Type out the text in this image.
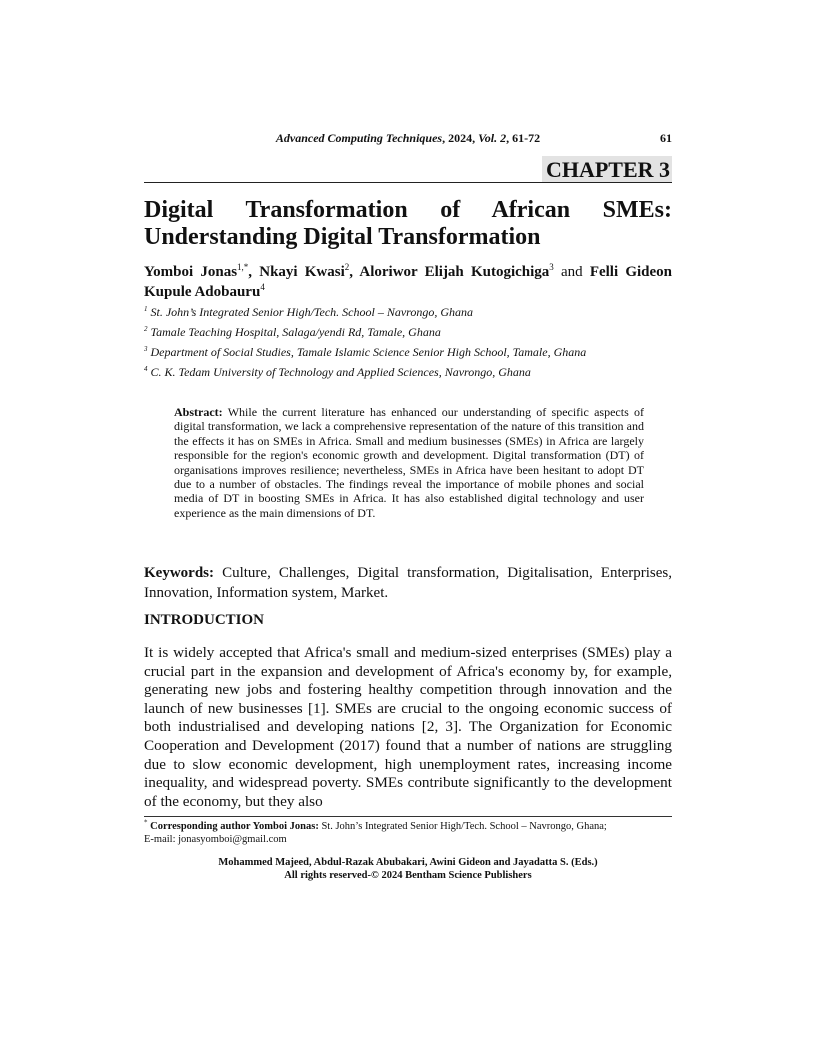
Advanced Computing Techniques, 2024, Vol. 2, 61-72	61
CHAPTER 3
Digital Transformation of African SMEs:
Understanding Digital Transformation
Yomboi Jonas$^{1,*}$, Nkayi Kwasi$^2$, Aloriwor Elijah Kutogichiga$^3$ and Felli Gideon Kupule Adobauru$^4$
$^1$ St. John’s Integrated Senior High/Tech. School – Navrongo, Ghana
$^2$ Tamale Teaching Hospital, Salaga/yendi Rd, Tamale, Ghana
$^3$ Department of Social Studies, Tamale Islamic Science Senior High School, Tamale, Ghana
$^4$ C. K. Tedam University of Technology and Applied Sciences, Navrongo, Ghana
Abstract: While the current literature has enhanced our understanding of specific aspects of digital transformation, we lack a comprehensive representation of the nature of this transition and the effects it has on SMEs in Africa. Small and medium businesses (SMEs) in Africa are largely responsible for the region's economic growth and development. Digital transformation (DT) of organisations improves resilience; nevertheless, SMEs in Africa have been hesitant to adopt DT due to a number of obstacles. The findings reveal the importance of mobile phones and social media of DT in boosting SMEs in Africa. It has also established digital technology and user experience as the main dimensions of DT.
Keywords: Culture, Challenges, Digital transformation, Digitalisation, Enterprises, Innovation, Information system, Market.
INTRODUCTION
It is widely accepted that Africa's small and medium-sized enterprises (SMEs) play a crucial part in the expansion and development of Africa's economy by, for example, generating new jobs and fostering healthy competition through innovation and the launch of new businesses [1]. SMEs are crucial to the ongoing economic success of both industrialised and developing nations [2, 3]. The Organization for Economic Cooperation and Development (2017) found that a number of nations are struggling due to slow economic development, high unemployment rates, increasing income inequality, and widespread poverty. SMEs contribute significantly to the development of the economy, but they also
* Corresponding author Yomboi Jonas: St. John’s Integrated Senior High/Tech. School – Navrongo, Ghana;
E-mail: jonasyomboi@gmail.com
Mohammed Majeed, Abdul-Razak Abubakari, Awini Gideon and Jayadatta S. (Eds.)
All rights reserved-© 2024 Bentham Science Publishers
